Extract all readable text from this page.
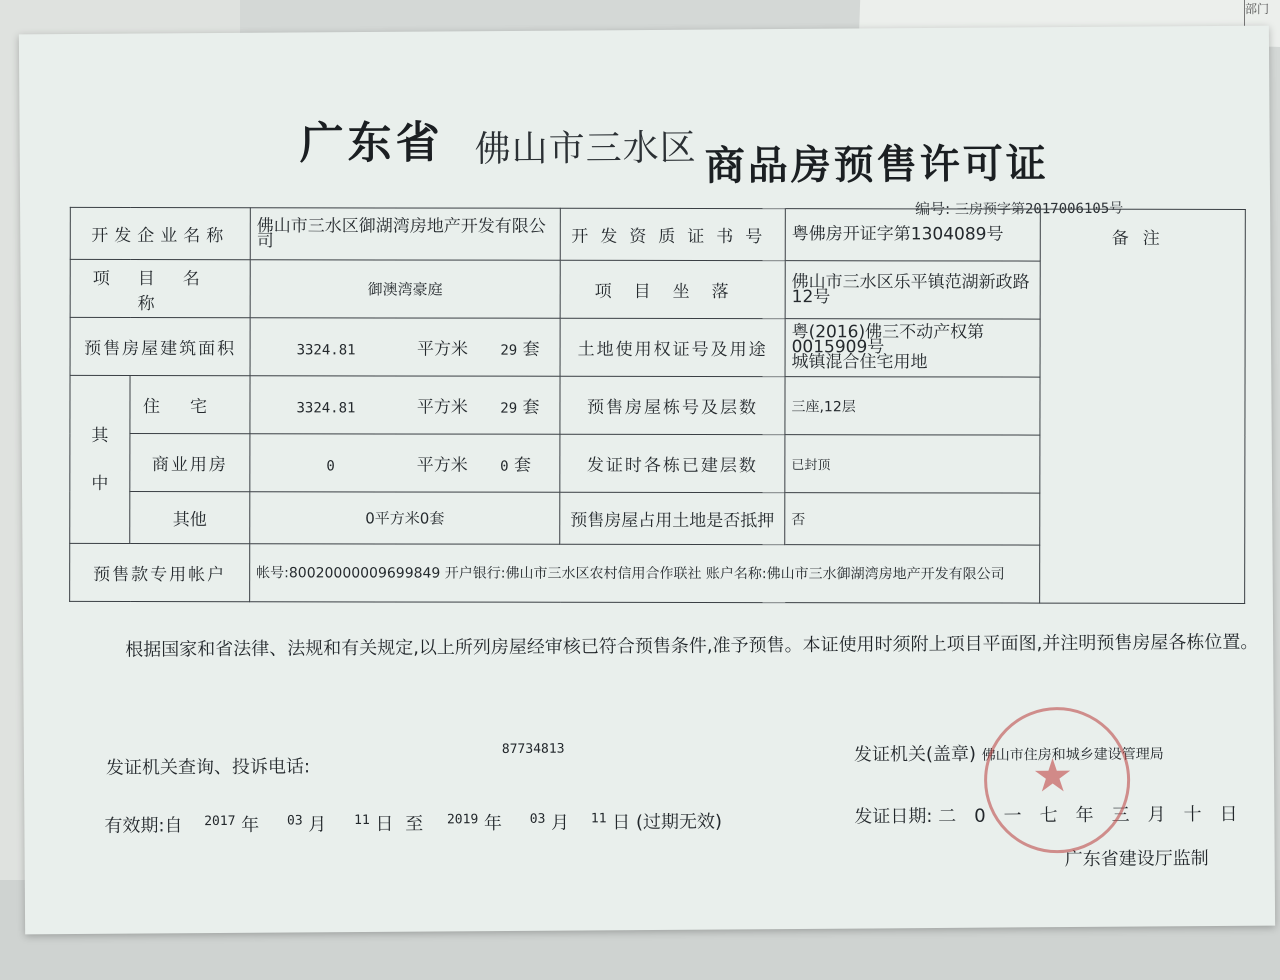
部门
广东省 佛山市三水区 商品房预售许可证
编号: 三房预字第2017006105号
开发企业名称		佛山市三水区御湖湾房地产开发有限公司	开发资质证书号	粤佛房开证字第1304089号	备注
项目名称		御澳湾豪庭	项目坐落	佛山市三水区乐平镇范湖新政路12号	
预售房屋建筑面积		3324.81 平方米 29 套	土地使用权证号及用途	粤(2016)佛三不动产权第0015909号
城镇混合住宅用地	

其
中	住宅	3324.81 平方米 29 套	预售房屋栋号及层数	三座,12层	
	商业用房	0 平方米 0 套	发证时各栋已建层数	已封顶	
	其他	0平方米0套	预售房屋占用土地是否抵押	否	
预售款专用帐户		帐号:80020000009699849 开户银行:佛山市三水区农村信用合作联社 账户名称:佛山市三水御湖湾房地产开发有限公司			
根据国家和省法律、法规和有关规定,以上所列房屋经审核已符合预售条件,准予预售。本证使用时须附上项目平面图,并注明预售房屋各栋位置。
发证机关查询、投诉电话:
$^{87734813}$	发证机关(盖章) 佛山市住房和城乡建设管理局
有效期:自 $^{2017}$ 年 $^{03}$ 月 $^{11}$ 日 至 $^{2019}$ 年 $^{03}$ 月 $^{11}$ 日 (过期无效)	发证日期: 二0一七年三月十日
广东省建设厅监制
★
